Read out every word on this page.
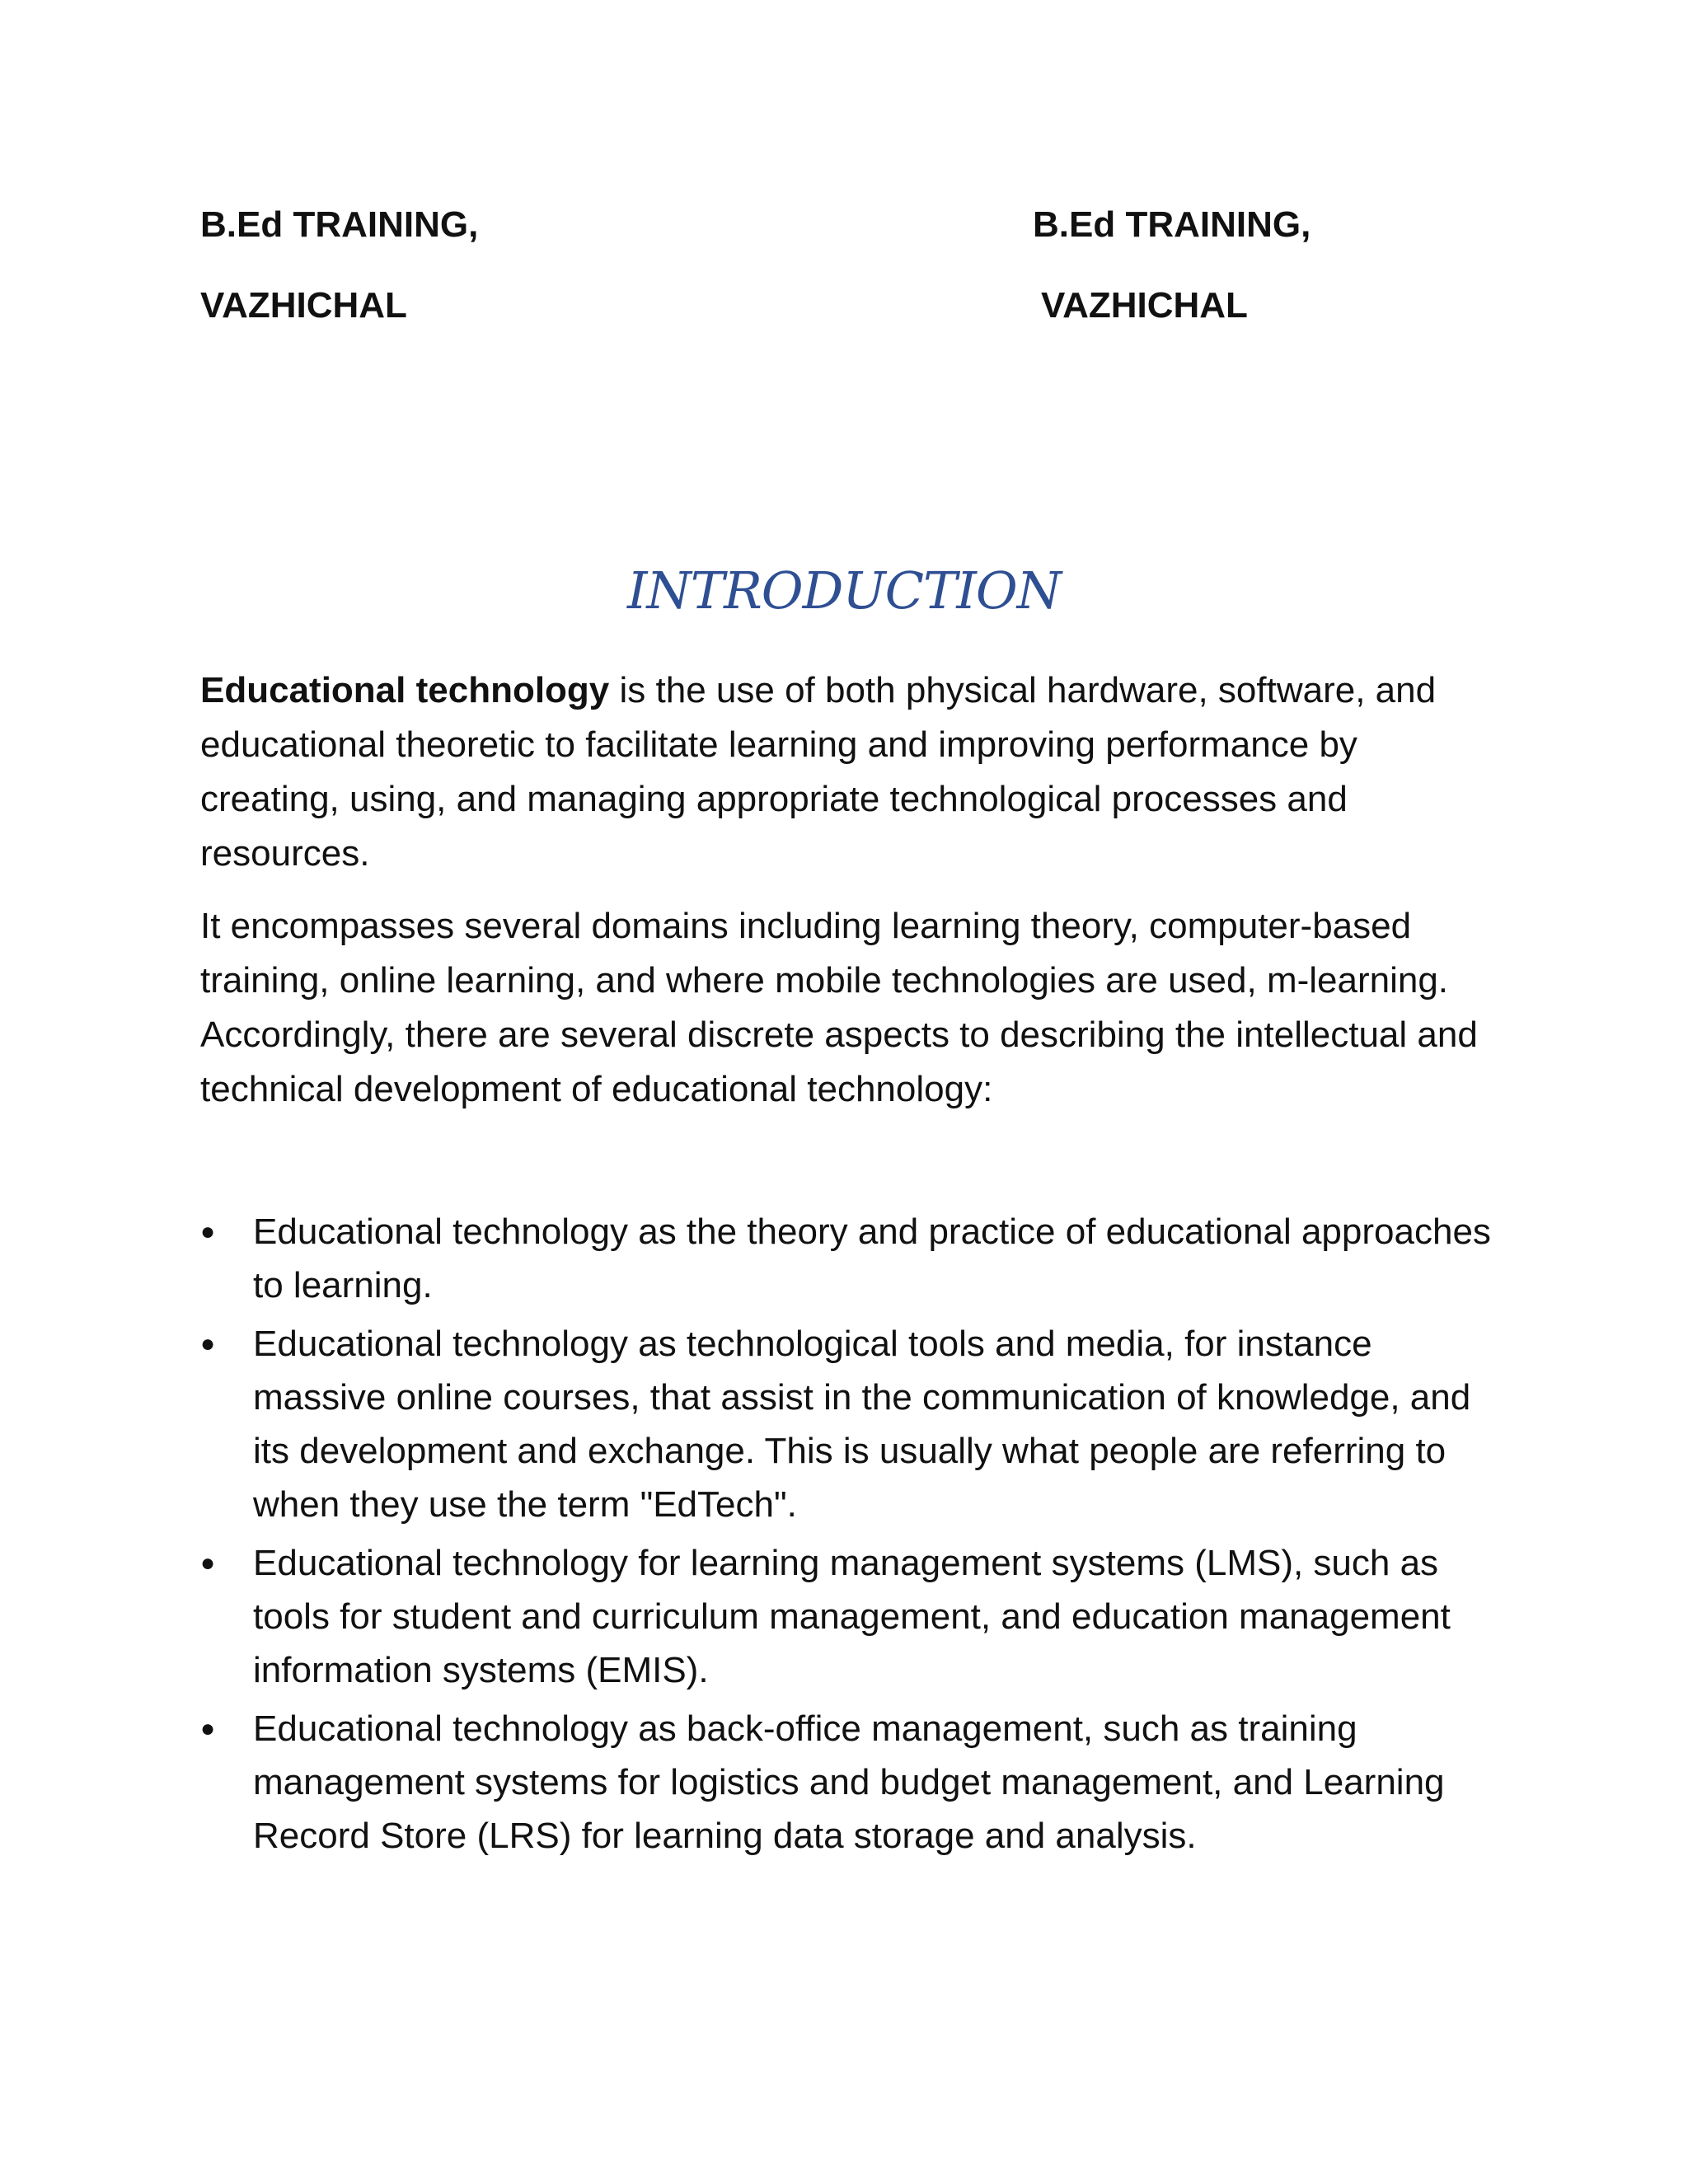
B.Ed TRAINING,
VAZHICHAL
B.Ed TRAINING,
VAZHICHAL
INTRODUCTION
Educational technology is the use of both physical hardware, software, and educational theoretic to facilitate learning and improving performance by creating, using, and managing appropriate technological processes and resources.
It encompasses several domains including learning theory, computer-based training, online learning, and where mobile technologies are used, m-learning. Accordingly, there are several discrete aspects to describing the intellectual and technical development of educational technology:
● Educational technology as the theory and practice of educational approaches to learning.
● Educational technology as technological tools and media, for instance massive online courses, that assist in the communication of knowledge, and its development and exchange. This is usually what people are referring to when they use the term "EdTech".
● Educational technology for learning management systems (LMS), such as tools for student and curriculum management, and education management information systems (EMIS).
● Educational technology as back-office management, such as training management systems for logistics and budget management, and Learning Record Store (LRS) for learning data storage and analysis.
